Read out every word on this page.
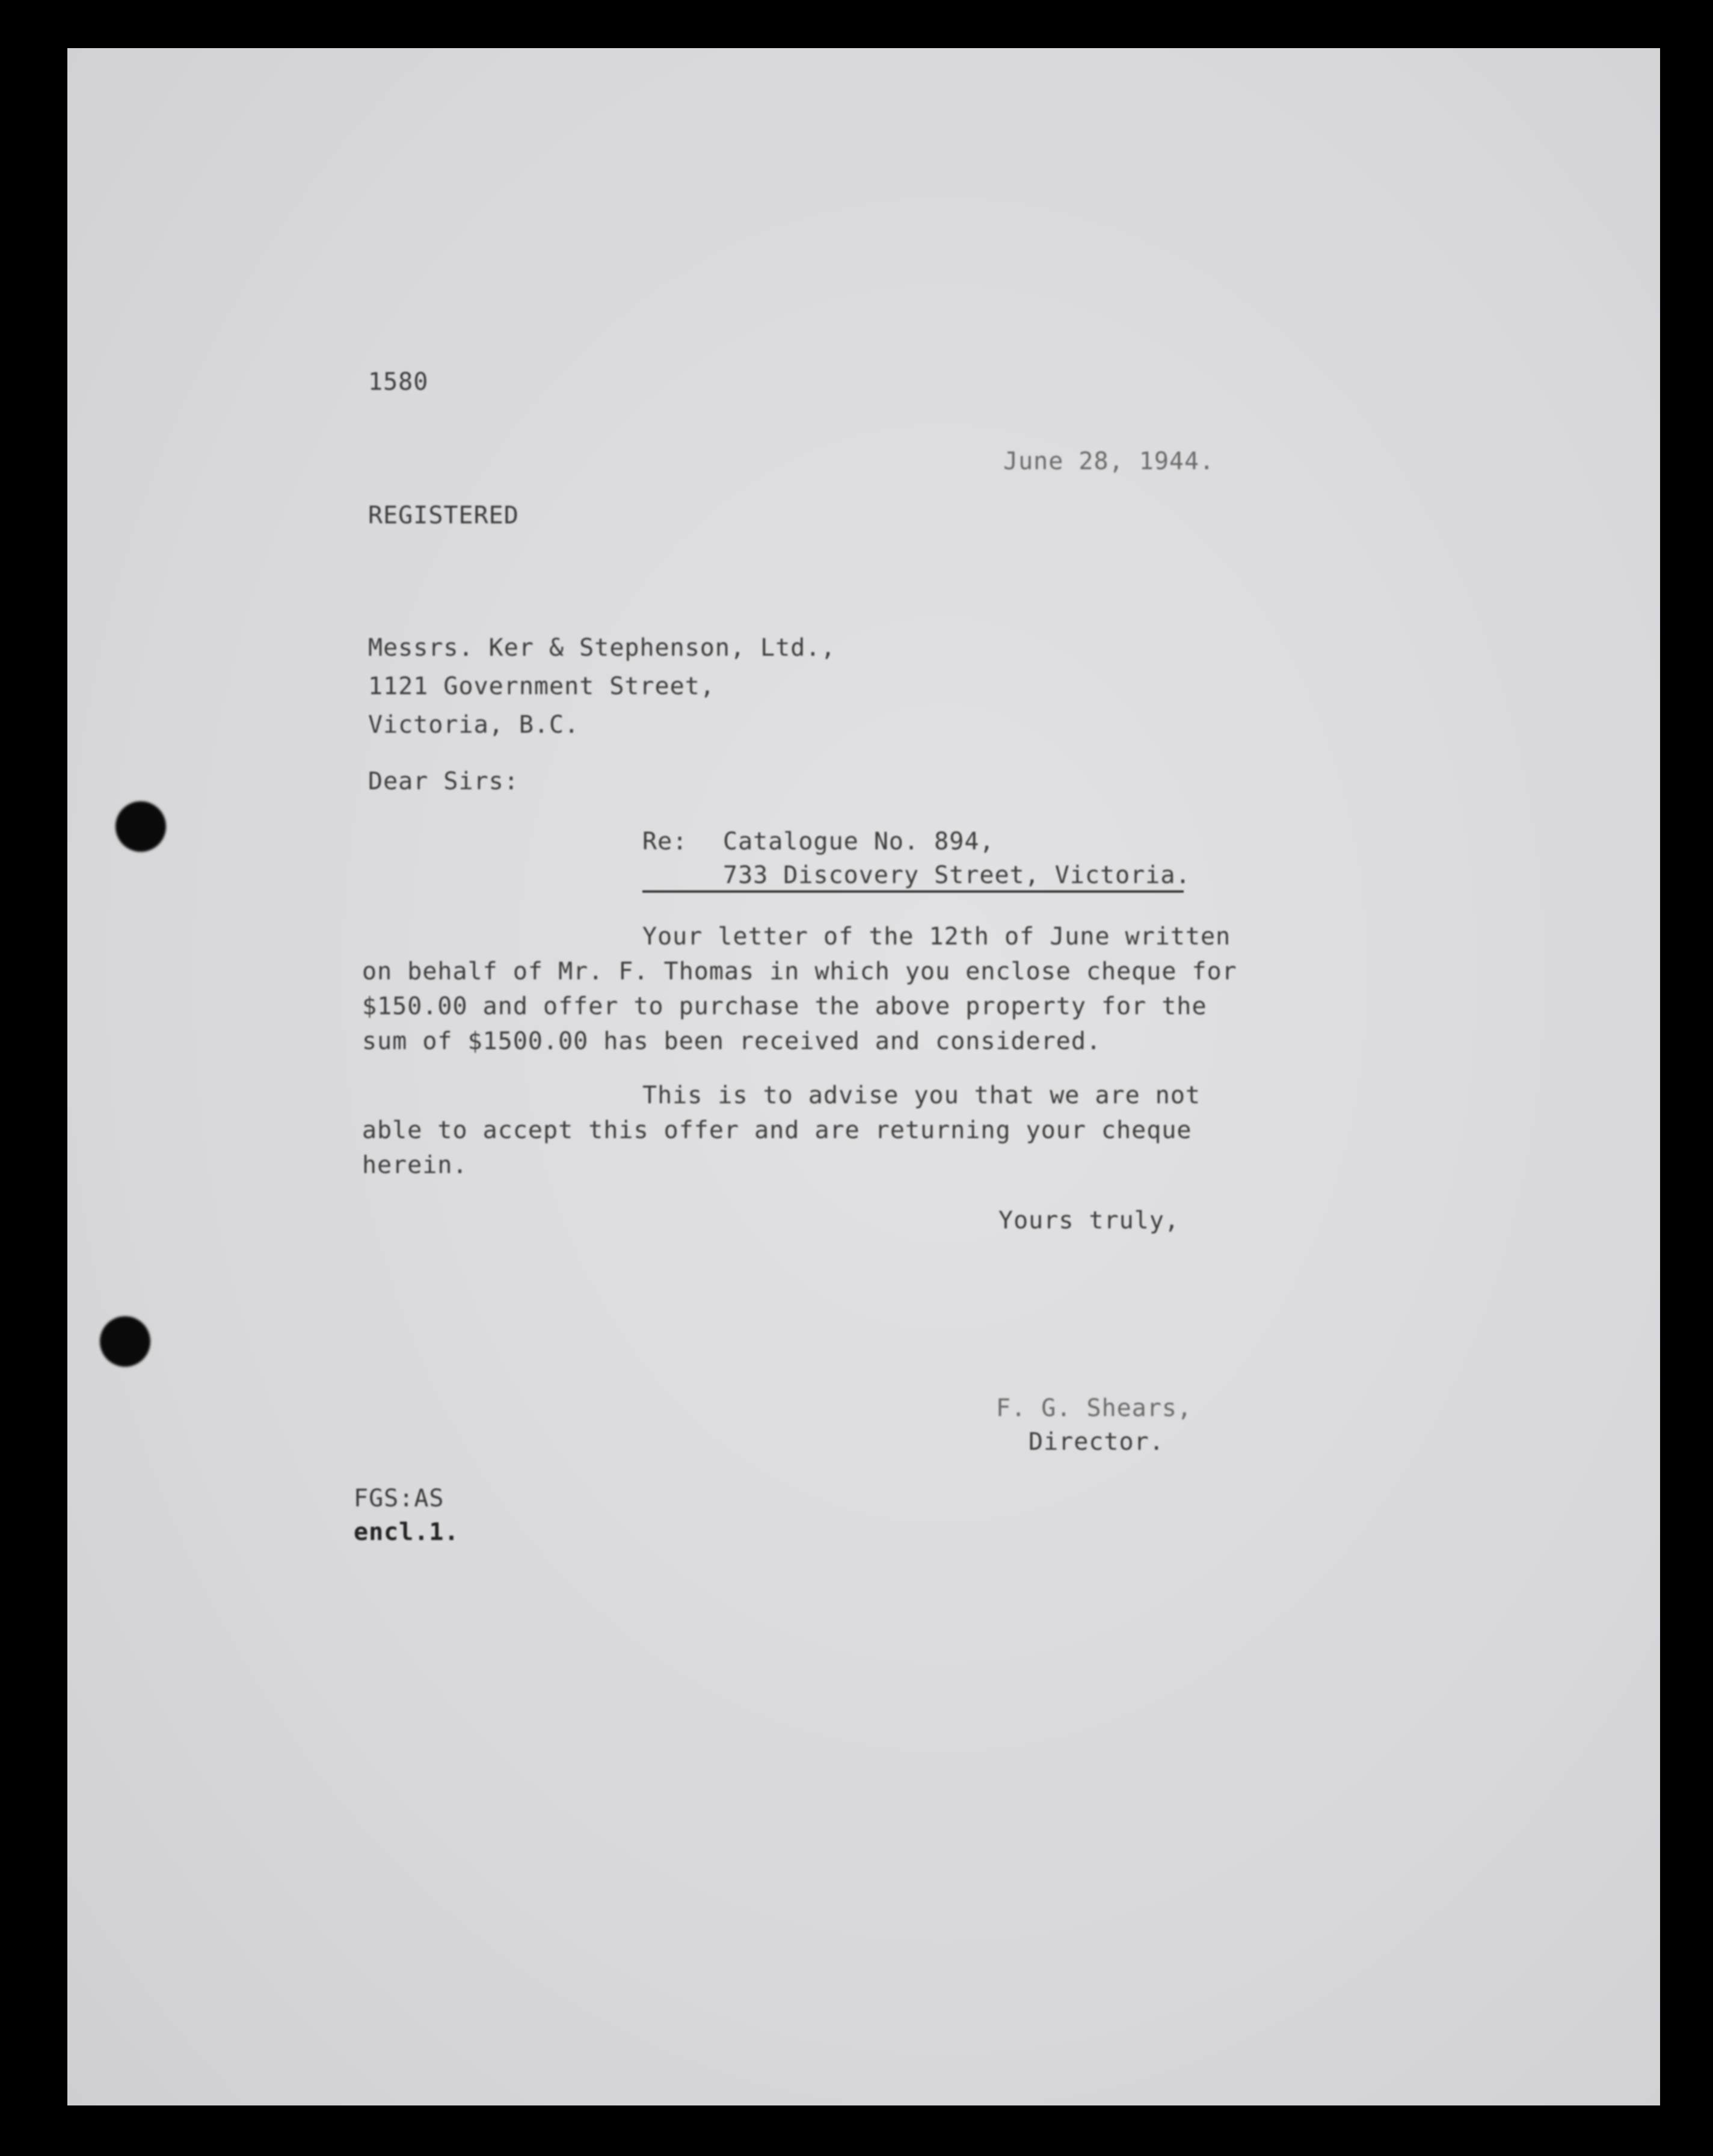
1580
June 28, 1944.
REGISTERED
Messrs. Ker & Stephenson, Ltd.,
1121 Government Street,
Victoria, B.C.
Dear Sirs:
Re: Catalogue No. 894,
733 Discovery Street, Victoria.
Your letter of the 12th of June written
on behalf of Mr. F. Thomas in which you enclose cheque for
$150.00 and offer to purchase the above property for the
sum of $1500.00 has been received and considered.
This is to advise you that we are not
able to accept this offer and are returning your cheque
herein.
Yours truly,
F. G. Shears,
Director.
FGS:AS
encl.1.
